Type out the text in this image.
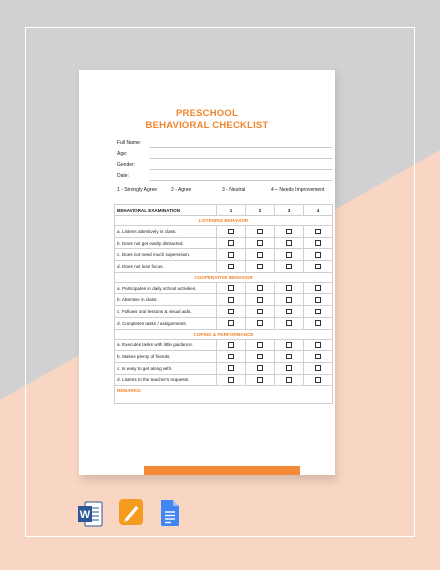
PRESCHOOL
BEHAVIORAL CHECKLIST
Full Name:
Age:
Gender:
Date:
1 - Strongly Agree	2 - Agree	3 - Neutral	4 – Needs Improvement
BEHAVIORAL EXAMINATION	1	2	3	4
LISTENING BEHAVIOR				
a. Listens attentively in class.				
b. Does not get easily distracted.				
c. Does not need much supervision.				
d. Does not lose focus.				
COOPERATIVE BEHAVIOR				
a. Participates in daily school activities.				
b. Attentive in class.				
c. Follows oral lessons & visual aids.				
d. Completes tasks / assignments.				
COPING & PERFORMANCE				
a. Executes tasks with little guidance.				
b. Makes plenty of friends.				
c. Is easy to get along with.				
d. Listens to the teacher's requests.				
REMARKS:				
W
